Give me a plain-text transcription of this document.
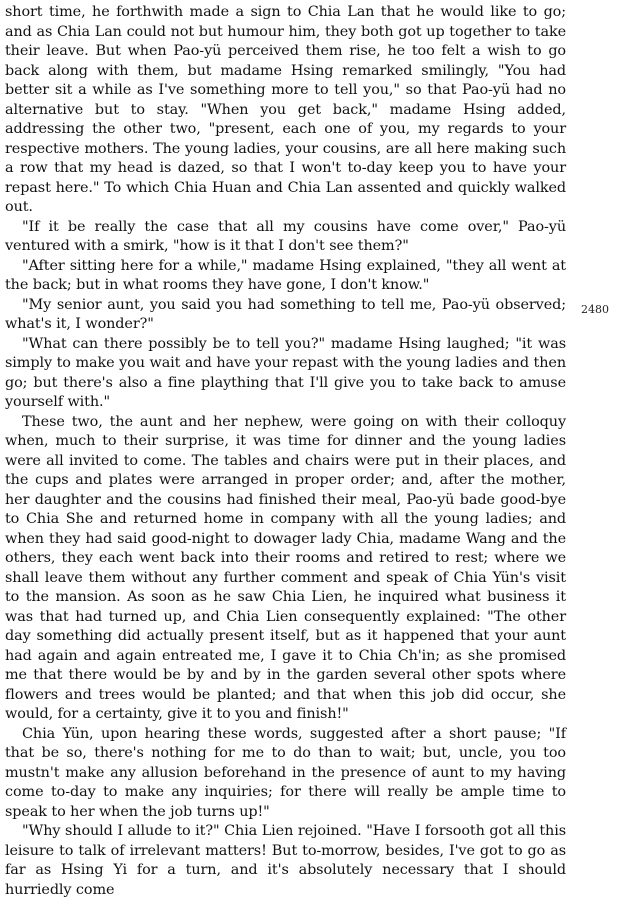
short time, he forthwith made a sign to Chia Lan that he would like to go; and as Chia Lan could not but humour him, they both got up together to take their leave. But when Pao-yü perceived them rise, he too felt a wish to go back along with them, but madame Hsing remarked smilingly, "You had better sit a while as I've something more to tell you," so that Pao-yü had no alternative but to stay. "When you get back," madame Hsing added, addressing the other two, "present, each one of you, my regards to your respective mothers. The young ladies, your cousins, are all here making such a row that my head is dazed, so that I won't to-day keep you to have your repast here." To which Chia Huan and Chia Lan assented and quickly walked out.

"If it be really the case that all my cousins have come over," Pao-yü ventured with a smirk, "how is it that I don't see them?"

"After sitting here for a while," madame Hsing explained, "they all went at the back; but in what rooms they have gone, I don't know."

"My senior aunt, you said you had something to tell me, Pao-yü observed; what's it, I wonder?"

"What can there possibly be to tell you?" madame Hsing laughed; "it was simply to make you wait and have your repast with the young ladies and then go; but there's also a fine plaything that I'll give you to take back to amuse yourself with."

These two, the aunt and her nephew, were going on with their colloquy when, much to their surprise, it was time for dinner and the young ladies were all invited to come. The tables and chairs were put in their places, and the cups and plates were arranged in proper order; and, after the mother, her daughter and the cousins had finished their meal, Pao-yü bade good-bye to Chia She and returned home in company with all the young ladies; and when they had said good-night to dowager lady Chia, madame Wang and the others, they each went back into their rooms and retired to rest; where we shall leave them without any further comment and speak of Chia Yün's visit to the mansion. As soon as he saw Chia Lien, he inquired what business it was that had turned up, and Chia Lien consequently explained: "The other day something did actually present itself, but as it happened that your aunt had again and again entreated me, I gave it to Chia Ch'in; as she promised me that there would be by and by in the garden several other spots where flowers and trees would be planted; and that when this job did occur, she would, for a certainty, give it to you and finish!"

Chia Yün, upon hearing these words, suggested after a short pause; "If that be so, there's nothing for me to do than to wait; but, uncle, you too mustn't make any allusion beforehand in the presence of aunt to my having come to-day to make any inquiries; for there will really be ample time to speak to her when the job turns up!"

"Why should I allude to it?" Chia Lien rejoined. "Have I forsooth got all this leisure to talk of irrelevant matters! But to-morrow, besides, I've got to go as far as Hsing Yi for a turn, and it's absolutely necessary that I should hurriedly come

2480
